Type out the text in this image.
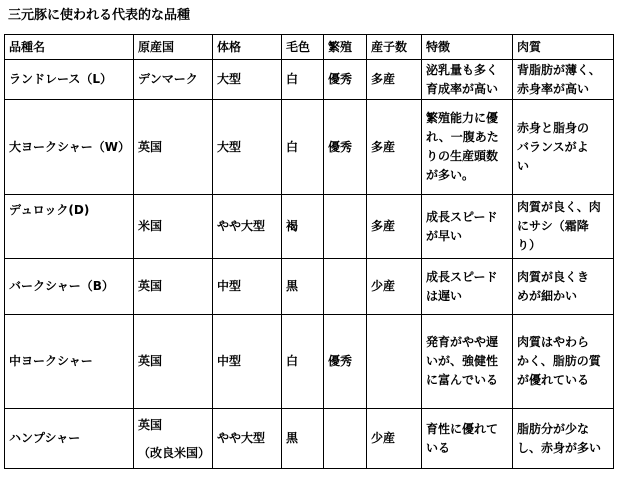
三元豚に使われる代表的な品種
品種名	原産国	体格	毛色	繁殖	産子数	特徴	肉質
ランドレース（L）	デンマーク	大型	白	優秀	多産	泌乳量も多く
育成率が高い	背脂肪が薄く、
赤身率が高い

大ヨークシャー（W）	英国	大型	白	優秀	多産	繁殖能力に優
れ、一腹あた
りの生産頭数
が多い。	赤身と脂身の
バランスがよ
い

デュロック(D)	米国	やや大型	褐		多産	成長スピード
が早い	肉質が良く、肉
にサシ（霜降
り）

バークシャー（B）	英国	中型	黒		少産	成長スピード
は遅い	肉質が良くき
めが細かい

中ヨークシャー	英国	中型	白	優秀		発育がやや遅
いが、強健性
に富んでいる	肉質はやわら
かく、脂肪の質
が優れている

ハンプシャー	英国
（改良米国）	やや大型	黒		少産	育性に優れて
いる	脂肪分が少な
し、赤身が多い
